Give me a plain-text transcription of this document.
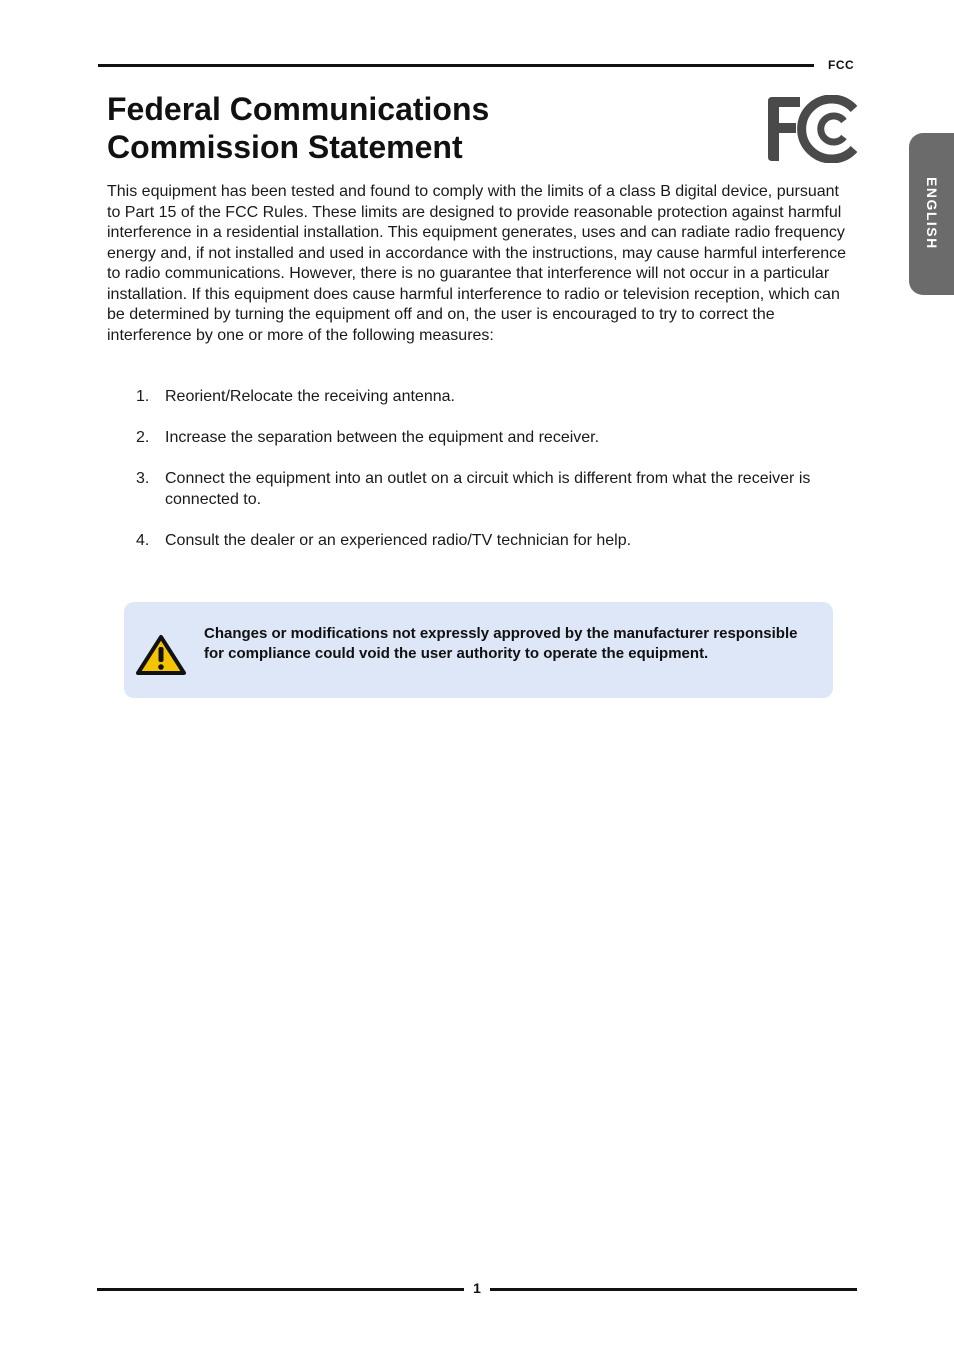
FCC
ENGLISH
Federal Communications
Commission Statement

This equipment has been tested and found to comply with the limits of a class B digital device, pursuant to Part 15 of the FCC Rules. These limits are designed to provide reasonable protection against harmful interference in a residential installation. This equipment generates, uses and can radiate radio frequency energy and, if not installed and used in accordance with the instructions, may cause harmful interference to radio communications. However, there is no guarantee that interference will not occur in a particular installation. If this equipment does cause harmful interference to radio or television reception, which can be determined by turning the equipment off and on, the user is encouraged to try to correct the interference by one or more of the following measures:

1. Reorient/Relocate the receiving antenna.
2. Increase the separation between the equipment and receiver.
3. Connect the equipment into an outlet on a circuit which is different from what the receiver is connected to.
4. Consult the dealer or an experienced radio/TV technician for help.

Changes or modifications not expressly approved by the manufacturer responsible for compliance could void the user authority to operate the equipment.

1
